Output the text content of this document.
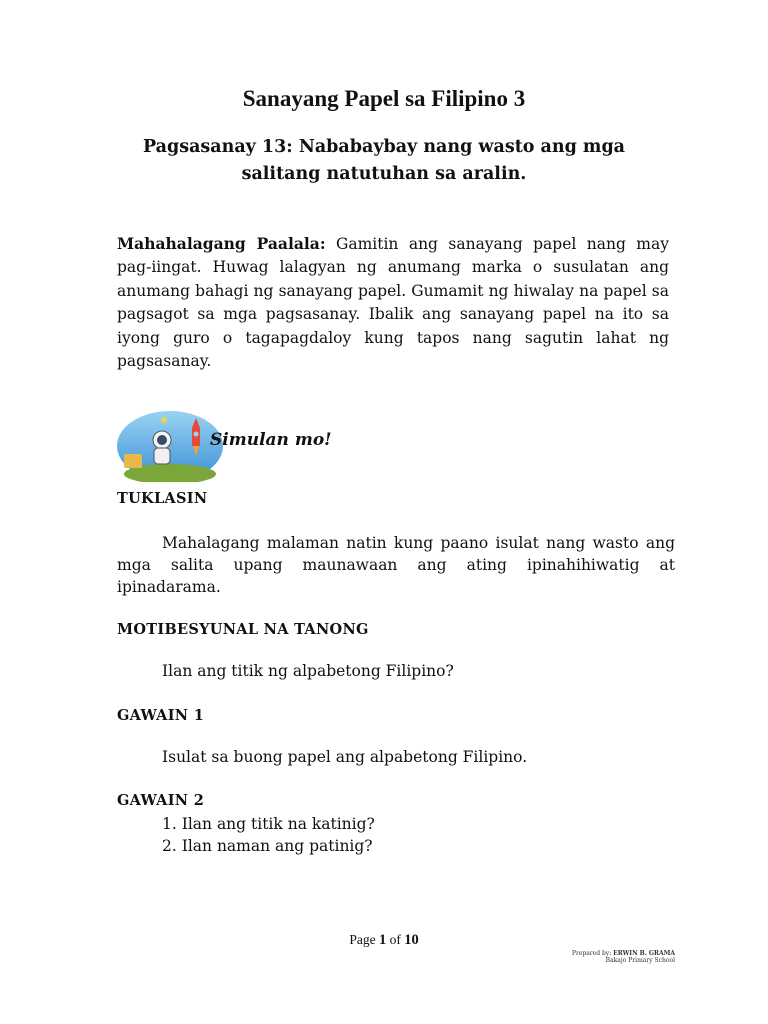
Sanayang Papel sa Filipino 3
Pagsasanay 13: Nababaybay nang wasto ang mga salitang natutuhan sa aralin.
Mahahalagang Paalala: Gamitin ang sanayang papel nang may pag-iingat. Huwag lalagyan ng anumang marka o susulatan ang anumang bahagi ng sanayang papel. Gumamit ng hiwalay na papel sa pagsagot sa mga pagsasanay. Ibalik ang sanayang papel na ito sa iyong guro o tagapagdaloy kung tapos nang sagutin lahat ng pagsasanay.
Simulan mo!
TUKLASIN
Mahalagang malaman natin kung paano isulat nang wasto ang mga salita upang maunawaan ang ating ipinahihiwatig at ipinadarama.
MOTIBESYUNAL NA TANONG
Ilan ang titik ng alpabetong Filipino?
GAWAIN 1
Isulat sa buong papel ang alpabetong Filipino.
GAWAIN 2
1. Ilan ang titik na katinig?
2. Ilan naman ang patinig?
Page 1 of 10
Prepared by: ERWIN B. GRAMA
Bakajo Primary School
